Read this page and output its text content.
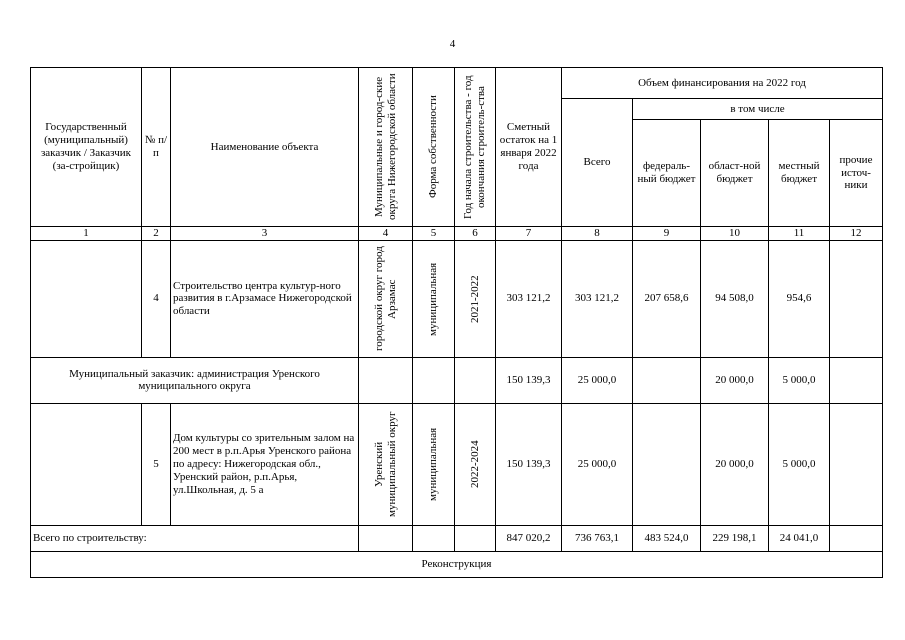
4
Государственный (муниципальный) заказчик / Заказчик (за-стройщик)	№ п/п	Наименование объекта	Муниципальные и город-ские округа Нижегородской области	Форма собственности	Год начала строительства - год окончания строитель-ства	Сметный остаток на 1 января 2022 года	Объем финансирования на 2022 год				
							Всего	в том числе			
								федераль-ный бюджет	област-ной бюджет	местный бюджет	прочие источ-ники
1	2	3	4	5	6	7	8	9	10	11	12
	4	Строительство центра культур-ного развития в г.Арзамасе Нижегородской области	городской округ город Арзамас	муниципальная	2021-2022	303 121,2	303 121,2	207 658,6	94 508,0	954,6	
Муниципальный заказчик: администрация Уренского муниципального округа						150 139,3	25 000,0		20 000,0	5 000,0	
	5	Дом культуры со зрительным залом на 200 мест в р.п.Арья Уренского района по адресу: Нижегородская обл., Уренский район, р.п.Арья, ул.Школьная, д. 5 а	Уренский муниципальный округ	муниципальная	2022-2024	150 139,3	25 000,0		20 000,0	5 000,0	
Всего по строительству:						847 020,2	736 763,1	483 524,0	229 198,1	24 041,0	
Реконструкция											
